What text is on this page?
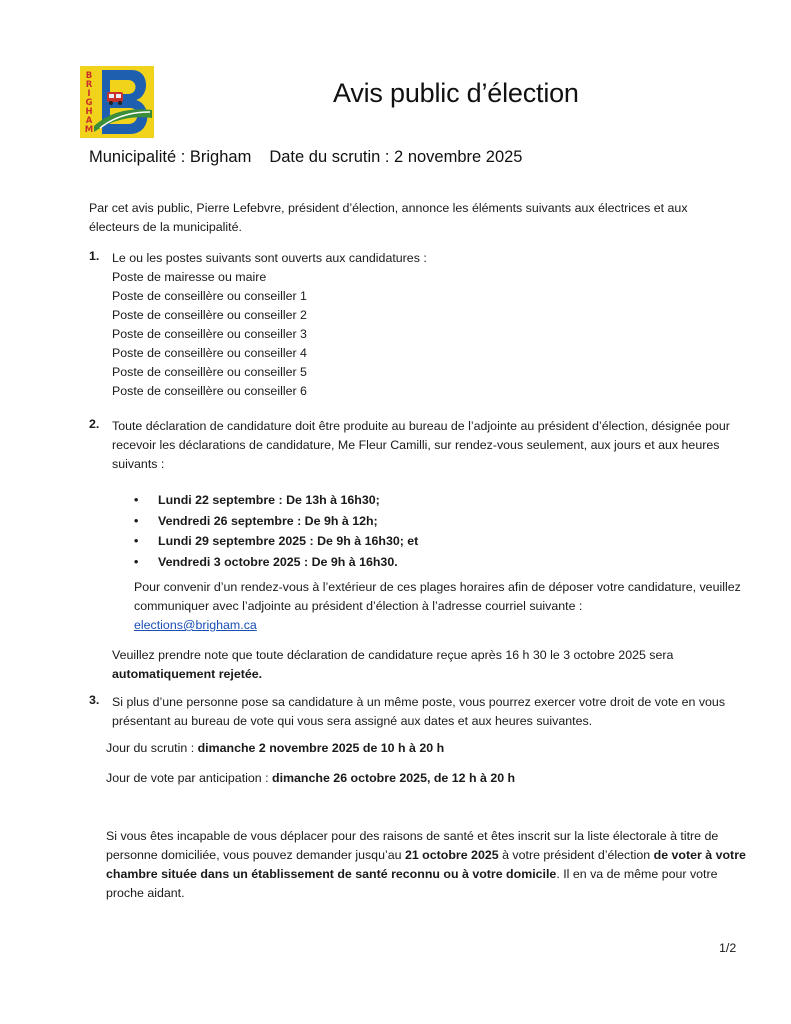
B
R
I
G
H
A
M
Avis public d’élection
Municipalité : Brigham Date du scrutin : 2 novembre 2025

Par cet avis public, Pierre Lefebvre, président d’élection, annonce les éléments suivants aux électrices et aux électeurs de la municipalité.

1. Le ou les postes suivants sont ouverts aux candidatures :
Poste de mairesse ou maire
Poste de conseillère ou conseiller 1
Poste de conseillère ou conseiller 2
Poste de conseillère ou conseiller 3
Poste de conseillère ou conseiller 4
Poste de conseillère ou conseiller 5
Poste de conseillère ou conseiller 6
2. Toute déclaration de candidature doit être produite au bureau de l’adjointe au président d’élection, désignée pour recevoir les déclarations de candidature, Me Fleur Camilli, sur rendez-vous seulement, aux jours et aux heures suivants :

• Lundi 22 septembre : De 13h à 16h30;
• Vendredi 26 septembre : De 9h à 12h;
• Lundi 29 septembre 2025 : De 9h à 16h30; et
• Vendredi 3 octobre 2025 : De 9h à 16h30.

Pour convenir d’un rendez-vous à l’extérieur de ces plages horaires afin de déposer votre candidature, veuillez communiquer avec l’adjointe au président d’élection à l’adresse courriel suivante :
elections@brigham.ca

Veuillez prendre note que toute déclaration de candidature reçue après 16 h 30 le 3 octobre 2025 sera
automatiquement rejetée.

3. Si plus d’une personne pose sa candidature à un même poste, vous pourrez exercer votre droit de vote en vous présentant au bureau de vote qui vous sera assigné aux dates et aux heures suivantes.

Jour du scrutin : dimanche 2 novembre 2025 de 10 h à 20 h
Jour de vote par anticipation : dimanche 26 octobre 2025, de 12 h à 20 h

Si vous êtes incapable de vous déplacer pour des raisons de santé et êtes inscrit sur la liste électorale à titre de personne domiciliée, vous pouvez demander jusqu’au 21 octobre 2025 à votre président d’élection de voter à votre chambre située dans un établissement de santé reconnu ou à votre domicile. Il en va de même pour votre proche aidant.

1/2
